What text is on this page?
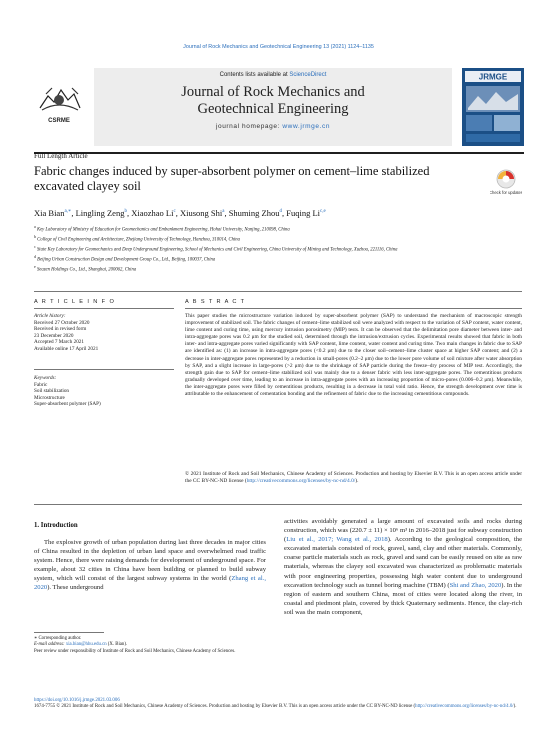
Journal of Rock Mechanics and Geotechnical Engineering 13 (2021) 1124–1135
CSRME
Contents lists available at ScienceDirect
Journal of Rock Mechanics and
Geotechnical Engineering
journal homepage: www.jrmge.cn
JRMGE
Full Length Article
Fabric changes induced by super-absorbent polymer on cement–lime stabilized excavated clayey soil	Check for updates
Xia Bian$^{a,∗}$, Lingling Zeng$^b$, Xiaozhao Li$^c$, Xiusong Shi$^a$, Shuming Zhou$^d$, Fuqing Li$^{c,e}$
$^a$ Key Laboratory of Ministry of Education for Geomechanics and Embankment Engineering, Hohai University, Nanjing, 210098, China
$^b$ College of Civil Engineering and Architecture, Zhejiang University of Technology, Hanzhou, 310014, China
$^c$ State Key Laboratory for Geomechanics and Deep Underground Engineering, School of Mechanics and Civil Engineering, China University of Mining and Technology, Xuzhou, 221116, China
$^d$ Beijing Urban Construction Design and Development Group Co., Ltd., Beijing, 100037, China
$^e$ Seazen Holdings Co., Ltd., Shanghai, 200062, China
A R T I C L E I N F O	A B S T R A C T
Article history:
Received 27 October 2020
Received in revised form
23 December 2020
Accepted 7 March 2021
Available online 17 April 2021
Keywords:
Fabric
Soil stabilization
Microstructure
Super-absorbent polymer (SAP)
This paper studies the microstructure variation induced by super-absorbent polymer (SAP) to understand the mechanism of macroscopic strength improvement of stabilized soil. The fabric changes of cement–lime stabilized soil were analyzed with respect to the variation of SAP content, water content, lime content and curing time, using mercury intrusion porosimetry (MIP) tests. It can be observed that the delimitation pore diameter between inter- and intra-aggregate pores was 0.2 μm for the studied soil, determined through the intrusion/extrusion cycles. Experimental results showed that fabric in both inter- and intra-aggregate pores varied significantly with SAP content, lime content, water content and curing time. Two main changes in fabric due to SAP are identified as: (1) an increase in intra-aggregate pores (<0.2 μm) due to the closer soil–cement–lime cluster space at higher SAP content; and (2) a decrease in inter-aggregate pores represented by a reduction in small-pores (0.2–2 μm) due to the lower pore volume of soil mixture after water absorption by SAP, and a slight increase in large-pores (>2 μm) due to the shrinkage of SAP particle during the freeze–dry process of MIP test. Accordingly, the strength gain due to SAP for cement–lime stabilized soil was mainly due to a denser fabric with less inter-aggregate pores. The cementitious products gradually developed over time, leading to an increase in intra-aggregate pores with an increasing proportion of micro-pores (0.006–0.2 μm). Meanwhile, the inter-aggregate pores were filled by cementitious products, resulting in a decrease in total void ratio. Hence, the strength development over time is attributable to the enhancement of cementation bonding and the refinement of fabric due to the increasing cementitious compounds.
© 2021 Institute of Rock and Soil Mechanics, Chinese Academy of Sciences. Production and hosting by Elsevier B.V. This is an open access article under the CC BY-NC-ND license (http://creativecommons.org/licenses/by-nc-nd/4.0/).
1. Introduction

The explosive growth of urban population during last three decades in major cities of China resulted in the depletion of urban land space and overwhelmed road traffic system. Hence, there were raising demands for development of underground space. For example, about 32 cities in China have been building or planned to build subway system, which will consist of the largest subway systems in the world (Zhang et al., 2020). These underground

activities avoidably generated a large amount of excavated soils and rocks during construction, which was (220.7 ± 11) × 10⁶ m³ in 2016–2018 just for subway construction (Liu et al., 2017; Wang et al., 2018). According to the geological composition, the excavated materials consisted of rock, gravel, sand, clay and other materials. Commonly, coarse particle materials such as rock, gravel and sand can be easily reused on site as raw materials, whereas the clayey soil excavated was characterized as problematic materials with poor engineering properties, possessing high water content due to underground excavation technology such as tunnel boring machine (TBM) (Shi and Zhao, 2020). In the region of eastern and southern China, most of cities were located along the river, in coastal and piedmont plain, covered by thick Quaternary sediments. Hence, the clay-rich soil was the main component,

∗ Corresponding author.
E-mail address: xia.bian@hhu.edu.cn (X. Bian).
Peer review under responsibility of Institute of Rock and Soil Mechanics, Chinese Academy of Sciences.
https://doi.org/10.1016/j.jrmge.2021.03.006
1674-7755 © 2021 Institute of Rock and Soil Mechanics, Chinese Academy of Sciences. Production and hosting by Elsevier B.V. This is an open access article under the CC BY-NC-ND license (http://creativecommons.org/licenses/by-nc-nd/4.0/).
